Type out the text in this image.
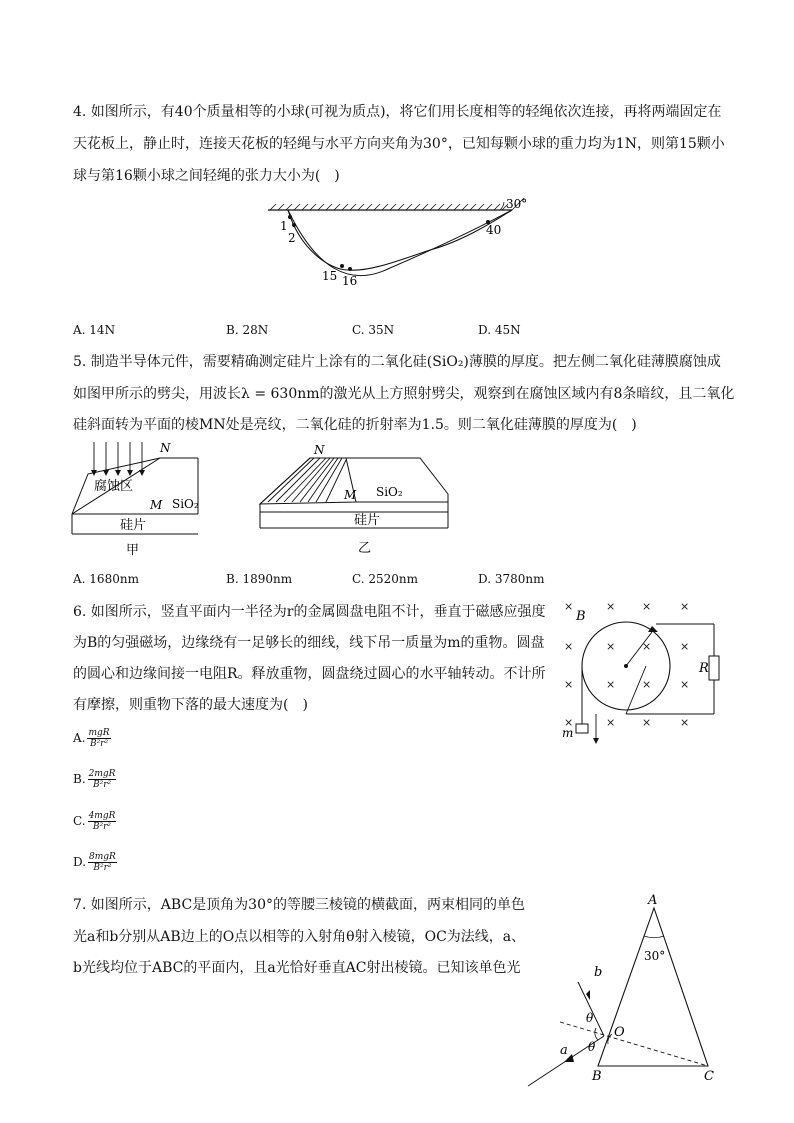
4. 如图所示，有40个质量相等的小球(可视为质点)，将它们用长度相等的轻绳依次连接，再将两端固定在
天花板上，静止时，连接天花板的轻绳与水平方向夹角为30°，已知每颗小球的重力均为1N，则第15颗小
球与第16颗小球之间轻绳的张力大小为(　)
30°
1
2
15 16
40
A. 14N	B. 28N	C. 35N	D. 45N
5. 制造半导体元件，需要精确测定硅片上涂有的二氧化硅(SiO₂)薄膜的厚度。把左侧二氧化硅薄膜腐蚀成
如图甲所示的劈尖，用波长λ = 630nm的激光从上方照射劈尖，观察到在腐蚀区域内有8条暗纹，且二氧化
硅斜面转为平面的棱MN处是亮纹，二氧化硅的折射率为1.5。则二氧化硅薄膜的厚度为(　)
N
M
腐蚀区
SiO₂
硅片
甲
N
M SiO₂
硅片
乙
A. 1680nm	B. 1890nm	C. 2520nm	D. 3780nm
6. 如图所示，竖直平面内一半径为r的金属圆盘电阻不计，垂直于磁感应强度
为B的匀强磁场，边缘绕有一足够长的细线，线下吊一质量为m的重物。圆盘
的圆心和边缘间接一电阻R。释放重物，圆盘绕过圆心的水平轴转动。不计所
有摩擦，则重物下落的最大速度为(　)
×	× ×	×
×	× ×	×
×	× ×	×
×	× ×	×
B
R
m
A. $\frac{\text{mgR}}{\text{B²r²}}$
B. $\frac{\text{2mgR}}{\text{B²r²}}$
C. $\frac{\text{4mgR}}{\text{B²r²}}$
D. $\frac{\text{8mgR}}{\text{B²r²}}$
7. 如图所示，ABC是顶角为30°的等腰三棱镜的横截面，两束相同的单色
光a和b分别从AB边上的O点以相等的入射角θ射入棱镜，OC为法线，a、
b光线均位于ABC的平面内，且a光恰好垂直AC射出棱镜。已知该单色光
30°
A
B	C
O
b
a
θ
θ
